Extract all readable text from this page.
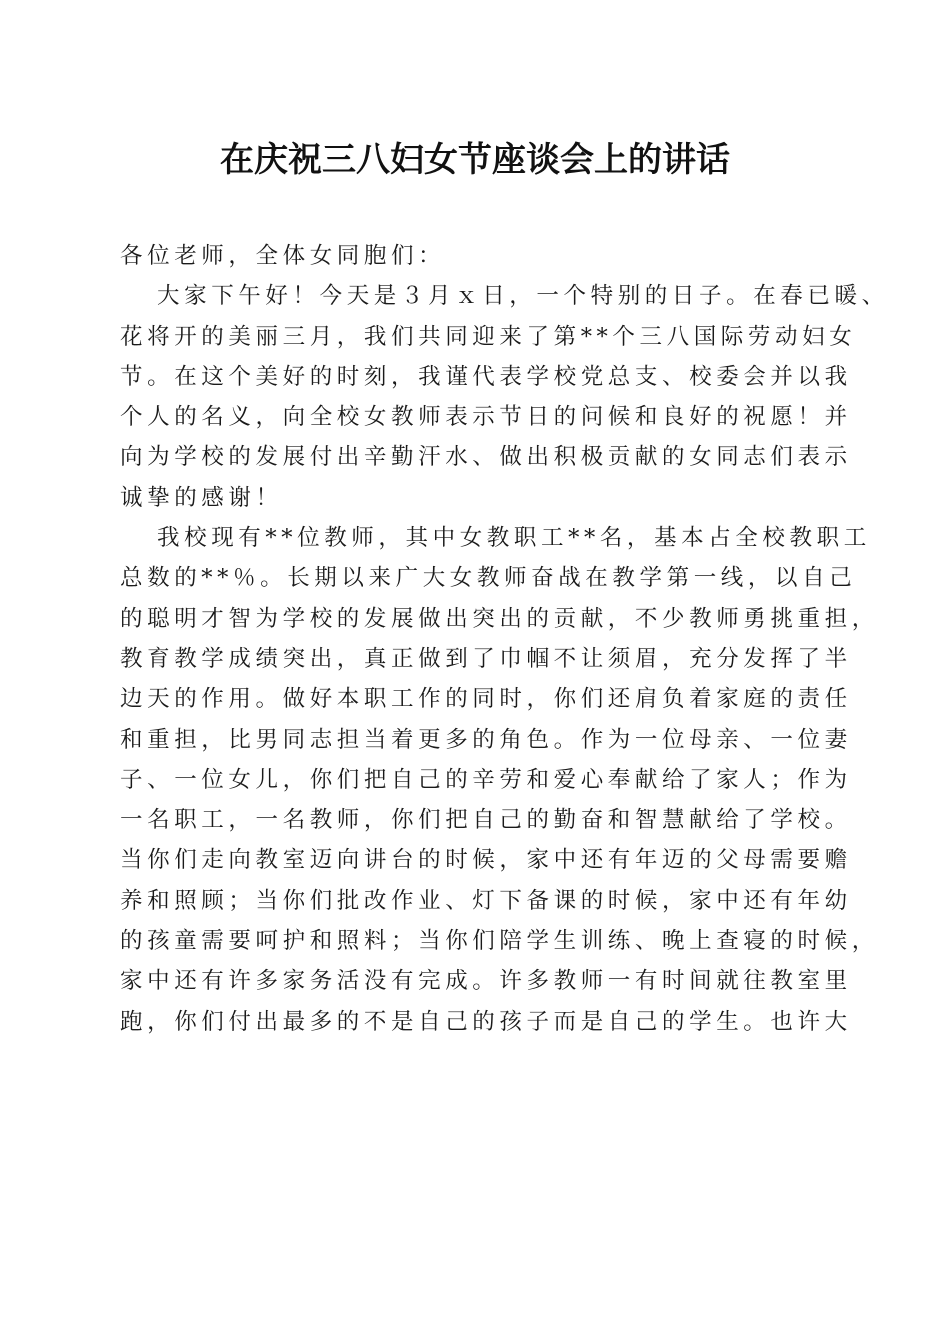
在庆祝三八妇女节座谈会上的讲话
各位老师，全体女同胞们：
大家下午好！今天是３月ｘ日，一个特别的日子。在春已暖、
花将开的美丽三月，我们共同迎来了第**个三八国际劳动妇女
节。在这个美好的时刻，我谨代表学校党总支、校委会并以我
个人的名义，向全校女教师表示节日的问候和良好的祝愿！并
向为学校的发展付出辛勤汗水、做出积极贡献的女同志们表示
诚挚的感谢！
我校现有**位教师，其中女教职工**名，基本占全校教职工
总数的**％。长期以来广大女教师奋战在教学第一线，以自己
的聪明才智为学校的发展做出突出的贡献，不少教师勇挑重担，
教育教学成绩突出，真正做到了巾帼不让须眉，充分发挥了半
边天的作用。做好本职工作的同时，你们还肩负着家庭的责任
和重担，比男同志担当着更多的角色。作为一位母亲、一位妻
子、一位女儿，你们把自己的辛劳和爱心奉献给了家人；作为
一名职工，一名教师，你们把自己的勤奋和智慧献给了学校。
当你们走向教室迈向讲台的时候，家中还有年迈的父母需要赡
养和照顾；当你们批改作业、灯下备课的时候，家中还有年幼
的孩童需要呵护和照料；当你们陪学生训练、晚上查寝的时候，
家中还有许多家务活没有完成。许多教师一有时间就往教室里
跑，你们付出最多的不是自己的孩子而是自己的学生。也许大
